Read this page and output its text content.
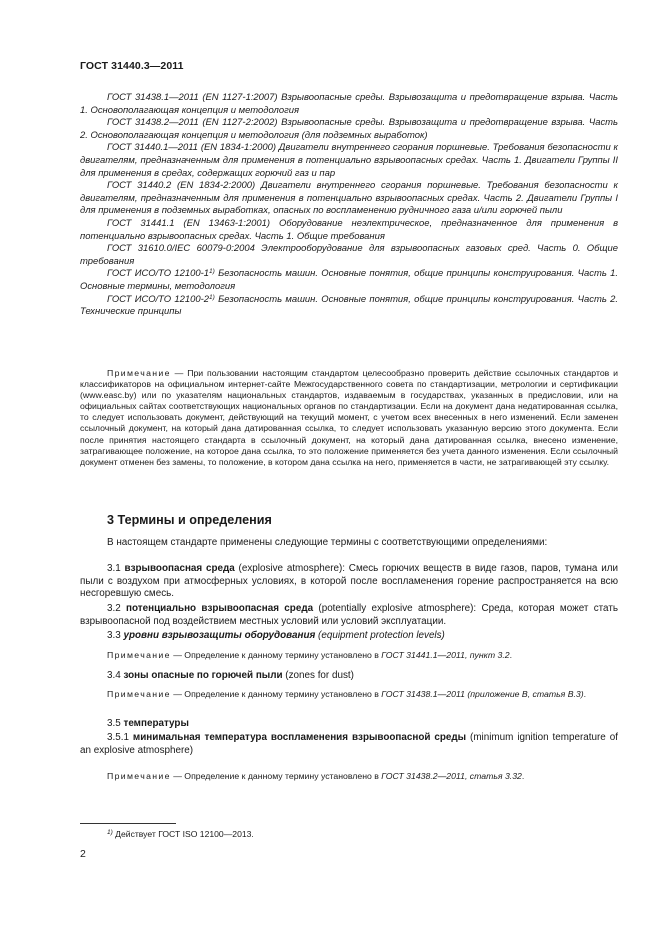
ГОСТ 31440.3—2011

ГОСТ 31438.1—2011 (EN 1127-1:2007) Взрывоопасные среды. Взрывозащита и предотвращение взрыва. Часть 1. Основополагающая концепция и методология

ГОСТ 31438.2—2011 (EN 1127-2:2002) Взрывоопасные среды. Взрывозащита и предотвращение взрыва. Часть 2. Основополагающая концепция и методология (для подземных выработок)

ГОСТ 31440.1—2011 (EN 1834-1:2000) Двигатели внутреннего сгорания поршневые. Требования безопасности к двигателям, предназначенным для применения в потенциально взрывоопасных средах. Часть 1. Двигатели Группы II для применения в средах, содержащих горючий газ и пар

ГОСТ 31440.2 (EN 1834-2:2000) Двигатели внутреннего сгорания поршневые. Требования безопасности к двигателям, предназначенным для применения в потенциально взрывоопасных средах. Часть 2. Двигатели Группы I для применения в подземных выработках, опасных по воспламенению рудничного газа и/или горючей пыли

ГОСТ 31441.1 (EN 13463-1:2001) Оборудование неэлектрическое, предназначенное для применения в потенциально взрывоопасных средах. Часть 1. Общие требования

ГОСТ 31610.0/IEC 60079-0:2004 Электрооборудование для взрывоопасных газовых сред. Часть 0. Общие требования

ГОСТ ИСО/ТО 12100-1$^{1)}$ Безопасность машин. Основные понятия, общие принципы конструирования. Часть 1. Основные термины, методология

ГОСТ ИСО/ТО 12100-2$^{1)}$ Безопасность машин. Основные понятия, общие принципы конструирования. Часть 2. Технические принципы

Примечание — При пользовании настоящим стандартом целесообразно проверить действие ссылочных стандартов и классификаторов на официальном интернет-сайте Межгосударственного совета по стандартизации, метрологии и сертификации (www.easc.by) или по указателям национальных стандартов, издаваемым в государствах, указанных в предисловии, или на официальных сайтах соответствующих национальных органов по стандартизации. Если на документ дана недатированная ссылка, то следует использовать документ, действующий на текущий момент, с учетом всех внесенных в него изменений. Если заменен ссылочный документ, на который дана датированная ссылка, то следует использовать указанную версию этого документа. Если после принятия настоящего стандарта в ссылочный документ, на который дана датированная ссылка, внесено изменение, затрагивающее положение, на которое дана ссылка, то это положение применяется без учета данного изменения. Если ссылочный документ отменен без замены, то положение, в котором дана ссылка на него, применяется в части, не затрагивающей эту ссылку.

3 Термины и определения

В настоящем стандарте применены следующие термины с соответствующими определениями:

3.1 взрывоопасная среда (explosive atmosphere): Смесь горючих веществ в виде газов, паров, тумана или пыли с воздухом при атмосферных условиях, в которой после воспламенения горение распространяется на всю несгоревшую смесь.

3.2 потенциально взрывоопасная среда (potentially explosive atmosphere): Среда, которая может стать взрывоопасной под воздействием местных условий или условий эксплуатации.

3.3 уровни взрывозащиты оборудования (equipment protection levels)

Примечание — Определение к данному термину установлено в ГОСТ 31441.1—2011, пункт 3.2.

3.4 зоны опасные по горючей пыли (zones for dust)

Примечание — Определение к данному термину установлено в ГОСТ 31438.1—2011 (приложение В, статья В.3).

3.5 температуры

3.5.1 минимальная температура воспламенения взрывоопасной среды (minimum ignition temperature of an explosive atmosphere)

Примечание — Определение к данному термину установлено в ГОСТ 31438.2—2011, статья 3.32.

$^{1)}$ Действует ГОСТ ISO 12100—2013.
2
